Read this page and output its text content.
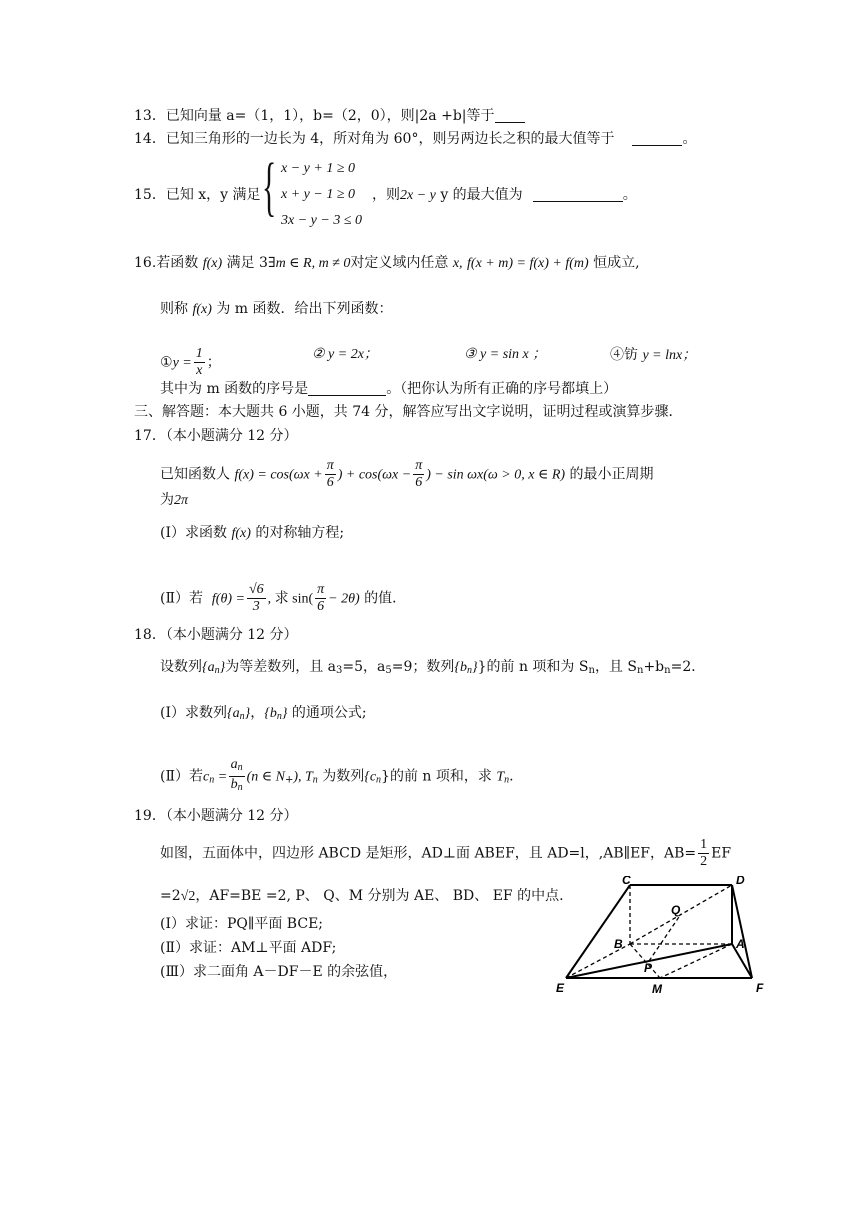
13．已知向量 a=（1，1），b=（2，0），则|2a +b|等于
14．已知三角形的一边长为 4，所对角为 60°，则另两边长之积的最大值等于	。
15．已知 x，y 满足 { x − y + 1 ≥ 0
x + y − 1 ≥ 0
3x − y − 3 ≤ 0
，则2x − y y 的最大值为	。
16.若函数 f(x) 满足 3∃m ∈ R, m ≠ 0对定义域内任意 x, f(x + m) = f(x) + f(m) 恒成立,
则称 f(x) 为 m 函数．给出下列函数：
①y = $\frac{1}{x}$ ；	② y = 2x；	③ y = sin x ；	④钫 y = lnx；
其中为 m 函数的序号是	。（把你认为所有正确的序号都填上）
三、解答题：本大题共 6 小题，共 74 分，解答应写出文字说明，证明过程或演算步骤．
17．（本小题满分 12 分）
已知函数人 $f(x) = \cos(\omega x + \frac{\pi}{6}$ ) + $\cos(\omega x - \frac{\pi}{6}$ ) − sin ωx(ω > 0, x ∈ R) 的最小正周期
为2π
(I）求函数 f(x) 的对称轴方程;
(Ⅱ）若 $f(\theta) = \frac{√6}{3}$ , 求 $\sin( \frac{\pi}{6} - 2\theta)$ 的值．
18．（本小题满分 12 分）
设数列$\{a_n\}$为等差数列，且 $a_3=5$，$a_5=9$；数列$\{b_n\}$}的前 n 项和为 $S_n$，且 $S_n+b_n=2$．
(I）求数列$\{a_n\}$，$\{b_n\}$ 的通项公式;
(Ⅱ）若$c_n = \frac{a_n}{b_n} (n$ ∈ $N_+$), $T_n$ 为数列$\{c_n\}$的前 n 项和，求 $T_n$.
19．（本小题满分 12 分）
如图，五面体中，四边形 ABCD 是矩形，AD⊥面 ABEF，且 AD=l，,AB∥EF，$AB= \frac{1}{2}$ EF
=2√2，AF=BE =2, P、 Q、M 分别为 AE、 BD、 EF 的中点.
(I）求证：PQ∥平面 BCE;
(Ⅱ）求证：AM⊥平面 ADF;
(Ⅲ）求二面角 A－DF－E 的余弦值，
C	D
Q
B	A
P
E	M	F
